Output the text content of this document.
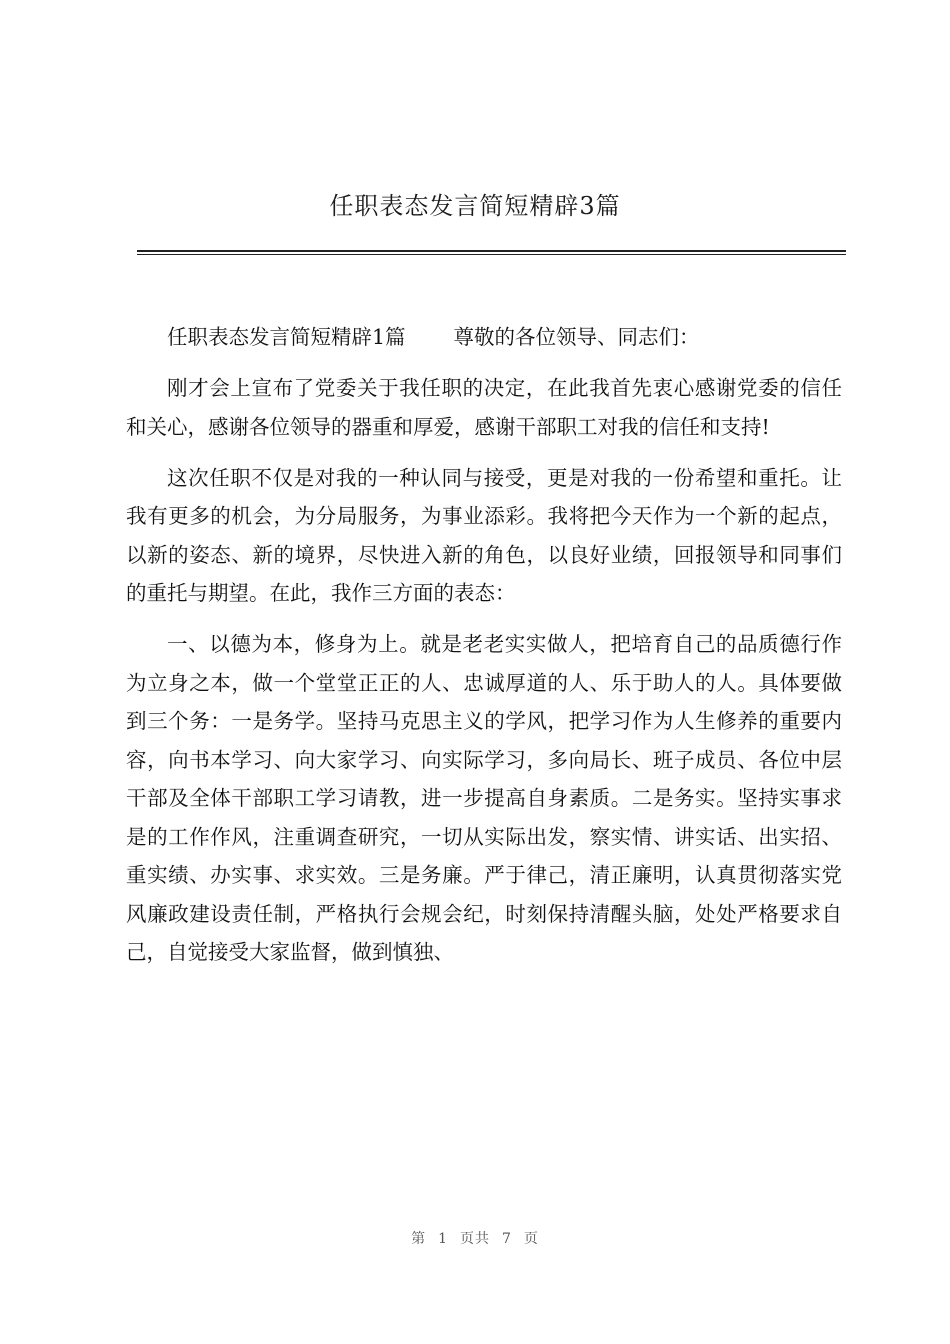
任职表态发言简短精辟3篇

任职表态发言简短精辟1篇 尊敬的各位领导、同志们：

刚才会上宣布了党委关于我任职的决定，在此我首先衷心感谢党委的信任和关心，感谢各位领导的器重和厚爱，感谢干部职工对我的信任和支持!

这次任职不仅是对我的一种认同与接受，更是对我的一份希望和重托。让我有更多的机会，为分局服务，为事业添彩。我将把今天作为一个新的起点，以新的姿态、新的境界，尽快进入新的角色，以良好业绩，回报领导和同事们的重托与期望。在此，我作三方面的表态：

一、以德为本，修身为上。就是老老实实做人，把培育自己的品质德行作为立身之本，做一个堂堂正正的人、忠诚厚道的人、乐于助人的人。具体要做到三个务：一是务学。坚持马克思主义的学风，把学习作为人生修养的重要内容，向书本学习、向大家学习、向实际学习，多向局长、班子成员、各位中层干部及全体干部职工学习请教，进一步提高自身素质。二是务实。坚持实事求是的工作作风，注重调查研究，一切从实际出发，察实情、讲实话、出实招、重实绩、办实事、求实效。三是务廉。严于律己，清正廉明，认真贯彻落实党风廉政建设责任制，严格执行会规会纪，时刻保持清醒头脑，处处严格要求自己，自觉接受大家监督，做到慎独、

第 1 页共 7 页
